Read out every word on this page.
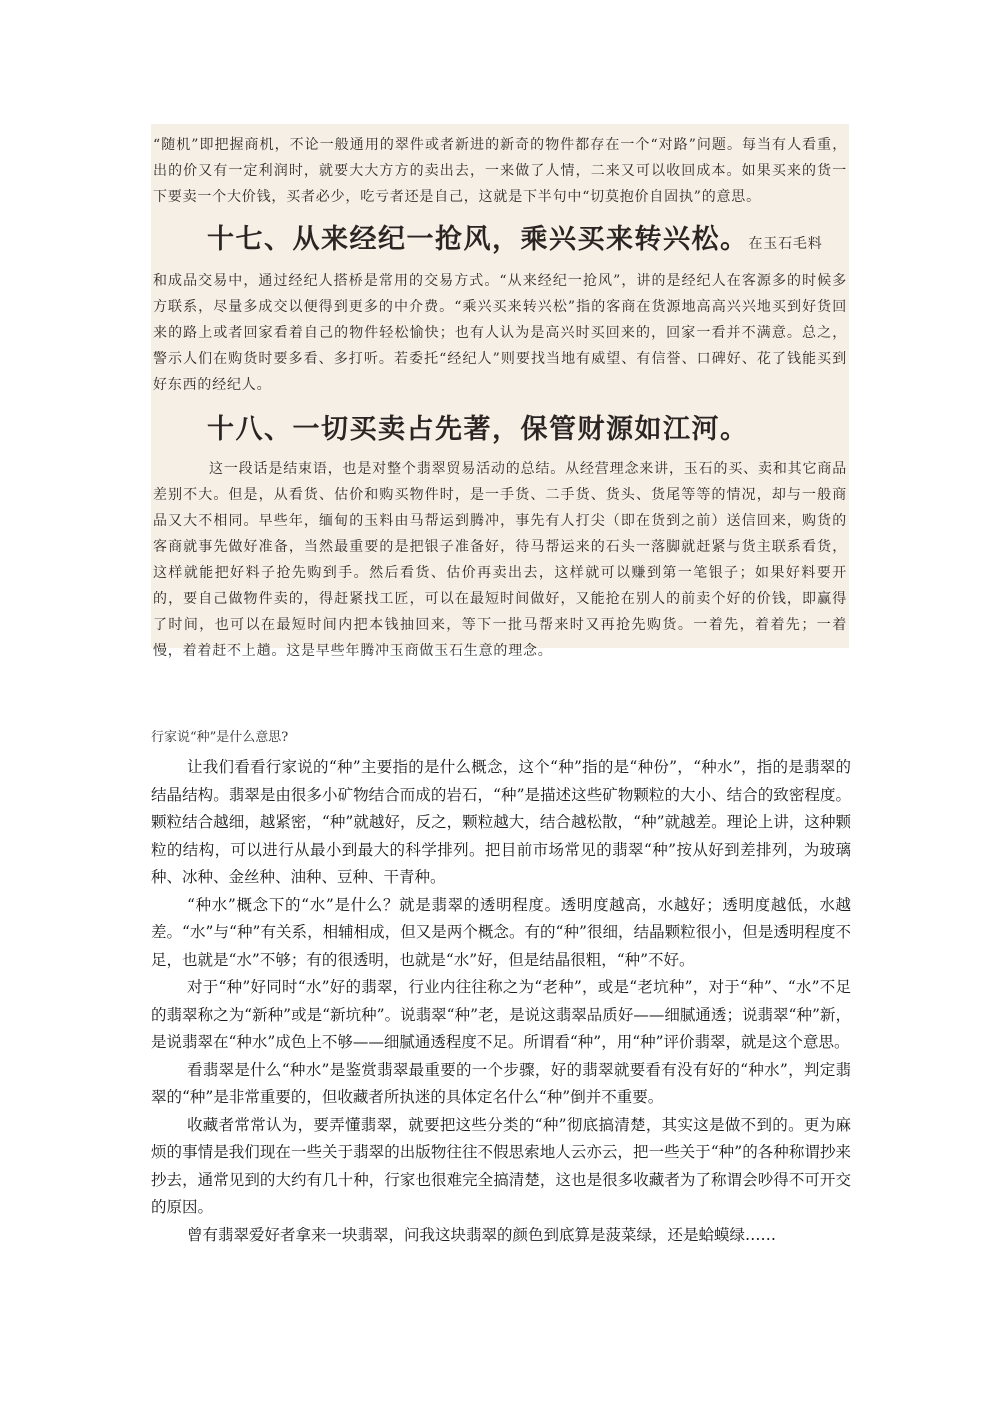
“随机”即把握商机，不论一般通用的翠件或者新进的新奇的物件都存在一个“对路”问题。每当有人看重，出的价又有一定利润时，就要大大方方的卖出去，一来做了人情，二来又可以收回成本。如果买来的货一下要卖一个大价钱，买者必少，吃亏者还是自己，这就是下半句中“切莫抱价自固执”的意思。

十七、从来经纪一抢风，乘兴买来转兴松。在玉石毛料

和成品交易中，通过经纪人搭桥是常用的交易方式。“从来经纪一抢风”，讲的是经纪人在客源多的时候多方联系，尽量多成交以便得到更多的中介费。“乘兴买来转兴松”指的客商在货源地高高兴兴地买到好货回来的路上或者回家看着自己的物件轻松愉快；也有人认为是高兴时买回来的，回家一看并不满意。总之，警示人们在购货时要多看、多打听。若委托“经纪人”则要找当地有威望、有信誉、口碑好、花了钱能买到好东西的经纪人。

十八、一切买卖占先著，保管财源如江河。

这一段话是结束语，也是对整个翡翠贸易活动的总结。从经营理念来讲，玉石的买、卖和其它商品差别不大。但是，从看货、估价和购买物件时，是一手货、二手货、货头、货尾等等的情况，却与一般商品又大不相同。早些年，缅甸的玉料由马帮运到腾冲，事先有人打尖（即在货到之前）送信回来，购货的客商就事先做好准备，当然最重要的是把银子准备好，待马帮运来的石头一落脚就赶紧与货主联系看货，这样就能把好料子抢先购到手。然后看货、估价再卖出去，这样就可以赚到第一笔银子；如果好料要开的，要自己做物件卖的，得赶紧找工匠，可以在最短时间做好，又能抢在别人的前卖个好的价钱，即赢得了时间，也可以在最短时间内把本钱抽回来，等下一批马帮来时又再抢先购货。一着先，着着先；一着慢，着着赶不上趟。这是早些年腾冲玉商做玉石生意的理念。

行家说“种”是什么意思?

让我们看看行家说的“种”主要指的是什么概念，这个“种”指的是“种份”，“种水”，指的是翡翠的结晶结构。翡翠是由很多小矿物结合而成的岩石，“种”是描述这些矿物颗粒的大小、结合的致密程度。颗粒结合越细，越紧密，“种”就越好，反之，颗粒越大，结合越松散，“种”就越差。理论上讲，这种颗粒的结构，可以进行从最小到最大的科学排列。把目前市场常见的翡翠“种”按从好到差排列，为玻璃种、冰种、金丝种、油种、豆种、干青种。

“种水”概念下的“水”是什么？就是翡翠的透明程度。透明度越高，水越好；透明度越低，水越差。“水”与“种”有关系，相辅相成，但又是两个概念。有的“种”很细，结晶颗粒很小，但是透明程度不足，也就是“水”不够；有的很透明，也就是“水”好，但是结晶很粗，“种”不好。

对于“种”好同时“水”好的翡翠，行业内往往称之为“老种”，或是“老坑种”，对于“种”、“水”不足的翡翠称之为“新种”或是“新坑种”。说翡翠“种”老，是说这翡翠品质好——细腻通透；说翡翠“种”新，是说翡翠在“种水”成色上不够——细腻通透程度不足。所谓看“种”，用“种”评价翡翠，就是这个意思。

看翡翠是什么“种水”是鉴赏翡翠最重要的一个步骤，好的翡翠就要看有没有好的“种水”，判定翡翠的“种”是非常重要的，但收藏者所执迷的具体定名什么“种”倒并不重要。

收藏者常常认为，要弄懂翡翠，就要把这些分类的“种”彻底搞清楚，其实这是做不到的。更为麻烦的事情是我们现在一些关于翡翠的出版物往往不假思索地人云亦云，把一些关于“种”的各种称谓抄来抄去，通常见到的大约有几十种，行家也很难完全搞清楚，这也是很多收藏者为了称谓会吵得不可开交的原因。

曾有翡翠爱好者拿来一块翡翠，问我这块翡翠的颜色到底算是菠菜绿，还是蛤蟆绿……
